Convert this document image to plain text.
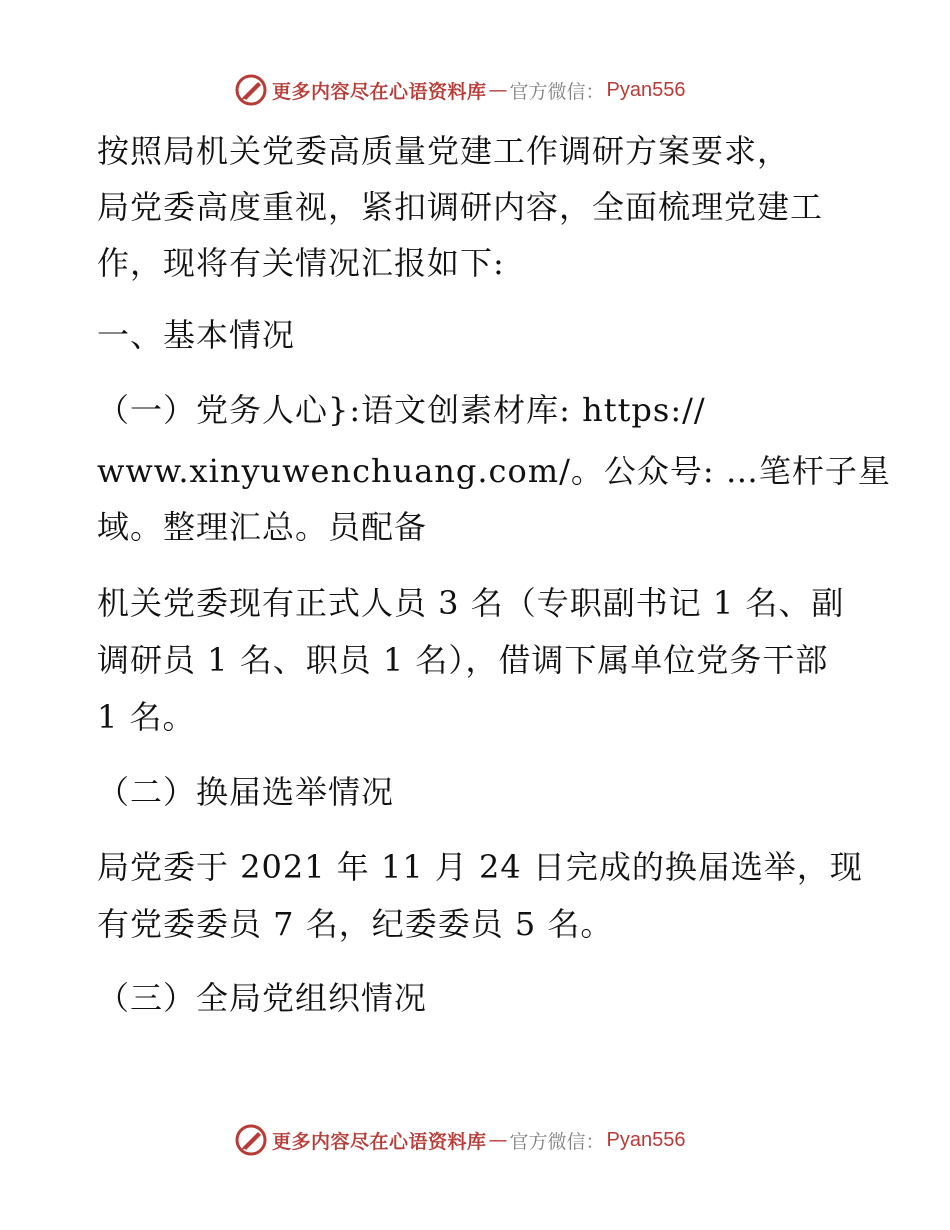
更多内容尽在心语资料库 — 官方微信： Pyan556
按照局机关党委高质量党建工作调研方案要求，
局党委高度重视，紧扣调研内容，全面梳理党建工
作，现将有关情况汇报如下:
一、基本情况
（一）党务人心}:语文创素材库: https://
www.xinyuwenchuang.com/。公众号: …笔杆子星
域。整理汇总。员配备
机关党委现有正式人员 3 名（专职副书记 1 名、副
调研员 1 名、职员 1 名），借调下属单位党务干部
1 名。
（二）换届选举情况
局党委于 2021 年 11 月 24 日完成的换届选举，现
有党委委员 7 名，纪委委员 5 名。
（三）全局党组织情况
更多内容尽在心语资料库 — 官方微信： Pyan556
